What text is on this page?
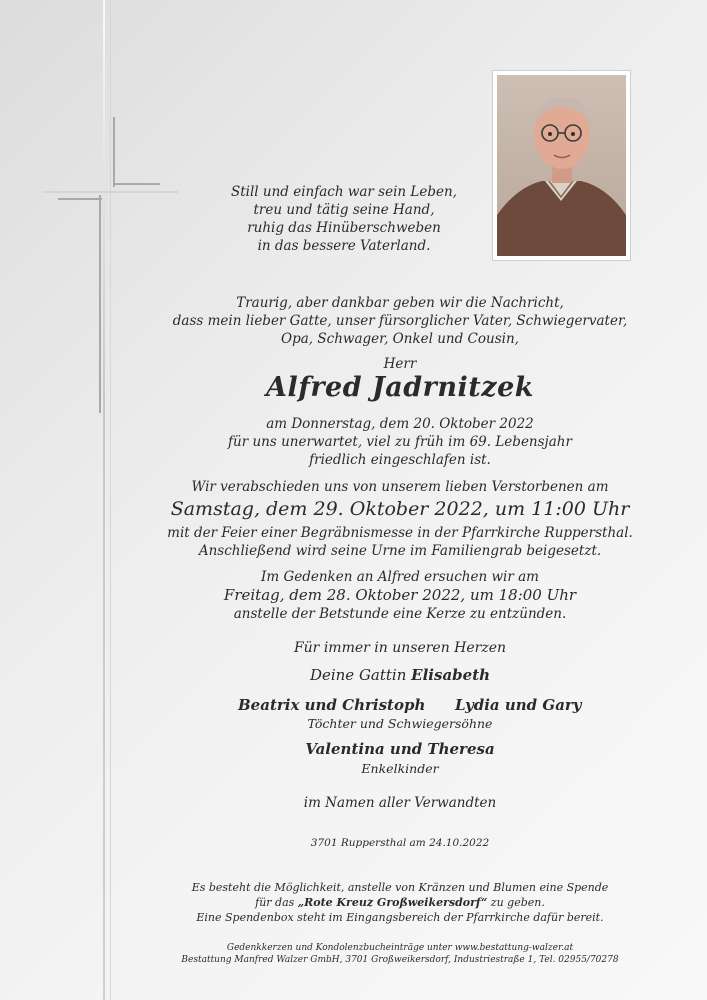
Still und einfach war sein Leben,
treu und tätig seine Hand,
ruhig das Hinüberschweben
in das bessere Vaterland.
Traurig, aber dankbar geben wir die Nachricht,
dass mein lieber Gatte, unser fürsorglicher Vater, Schwiegervater,
Opa, Schwager, Onkel und Cousin,
Herr
Alfred Jadrnitzek
am Donnerstag, dem 20. Oktober 2022
für uns unerwartet, viel zu früh im 69. Lebensjahr
friedlich eingeschlafen ist.
Wir verabschieden uns von unserem lieben Verstorbenen am
Samstag, dem 29. Oktober 2022, um 11:00 Uhr
mit der Feier einer Begräbnismesse in der Pfarrkirche Ruppersthal.
Anschließend wird seine Urne im Familiengrab beigesetzt.
Im Gedenken an Alfred ersuchen wir am
Freitag, dem 28. Oktober 2022, um 18:00 Uhr
anstelle der Betstunde eine Kerze zu entzünden.
Für immer in unseren Herzen
Deine Gattin Elisabeth
Beatrix und Christoph Lydia und Gary
Töchter und Schwiegersöhne
Valentina und Theresa
Enkelkinder
im Namen aller Verwandten
3701 Ruppersthal am 24.10.2022
Es besteht die Möglichkeit, anstelle von Kränzen und Blumen eine Spende
für das „Rote Kreuz Großweikersdorf“ zu geben.
Eine Spendenbox steht im Eingangsbereich der Pfarrkirche dafür bereit.
Gedenkkerzen und Kondolenzbucheinträge unter www.bestattung-walzer.at
Bestattung Manfred Walzer GmbH, 3701 Großweikersdorf, Industriestraße 1, Tel. 02955/70278
